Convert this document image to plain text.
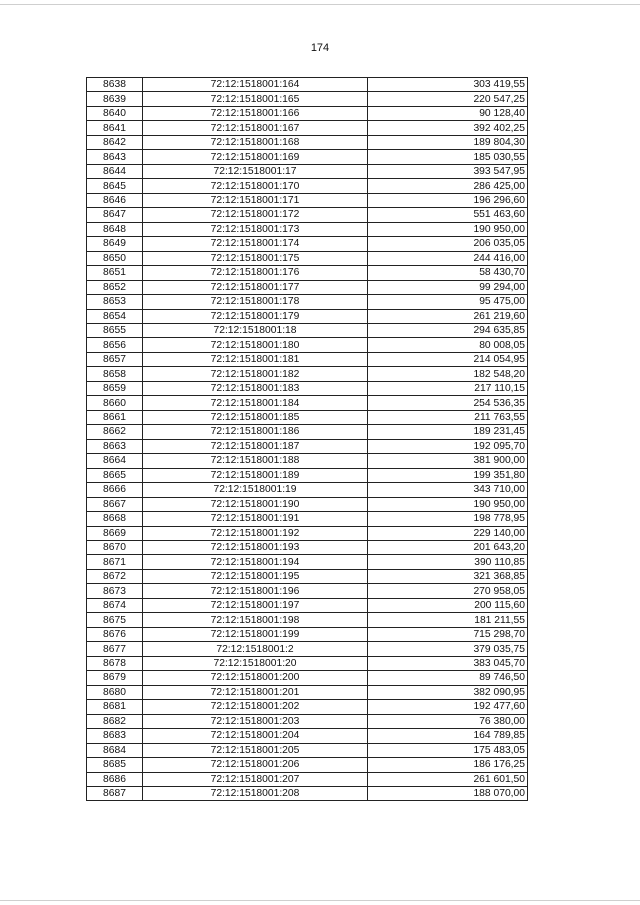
174
8638	72:12:1518001:164	303 419,55
8639	72:12:1518001:165	220 547,25
8640	72:12:1518001:166	90 128,40
8641	72:12:1518001:167	392 402,25
8642	72:12:1518001:168	189 804,30
8643	72:12:1518001:169	185 030,55
8644	72:12:1518001:17	393 547,95
8645	72:12:1518001:170	286 425,00
8646	72:12:1518001:171	196 296,60
8647	72:12:1518001:172	551 463,60
8648	72:12:1518001:173	190 950,00
8649	72:12:1518001:174	206 035,05
8650	72:12:1518001:175	244 416,00
8651	72:12:1518001:176	58 430,70
8652	72:12:1518001:177	99 294,00
8653	72:12:1518001:178	95 475,00
8654	72:12:1518001:179	261 219,60
8655	72:12:1518001:18	294 635,85
8656	72:12:1518001:180	80 008,05
8657	72:12:1518001:181	214 054,95
8658	72:12:1518001:182	182 548,20
8659	72:12:1518001:183	217 110,15
8660	72:12:1518001:184	254 536,35
8661	72:12:1518001:185	211 763,55
8662	72:12:1518001:186	189 231,45
8663	72:12:1518001:187	192 095,70
8664	72:12:1518001:188	381 900,00
8665	72:12:1518001:189	199 351,80
8666	72:12:1518001:19	343 710,00
8667	72:12:1518001:190	190 950,00
8668	72:12:1518001:191	198 778,95
8669	72:12:1518001:192	229 140,00
8670	72:12:1518001:193	201 643,20
8671	72:12:1518001:194	390 110,85
8672	72:12:1518001:195	321 368,85
8673	72:12:1518001:196	270 958,05
8674	72:12:1518001:197	200 115,60
8675	72:12:1518001:198	181 211,55
8676	72:12:1518001:199	715 298,70
8677	72:12:1518001:2	379 035,75
8678	72:12:1518001:20	383 045,70
8679	72:12:1518001:200	89 746,50
8680	72:12:1518001:201	382 090,95
8681	72:12:1518001:202	192 477,60
8682	72:12:1518001:203	76 380,00
8683	72:12:1518001:204	164 789,85
8684	72:12:1518001:205	175 483,05
8685	72:12:1518001:206	186 176,25
8686	72:12:1518001:207	261 601,50
8687	72:12:1518001:208	188 070,00
